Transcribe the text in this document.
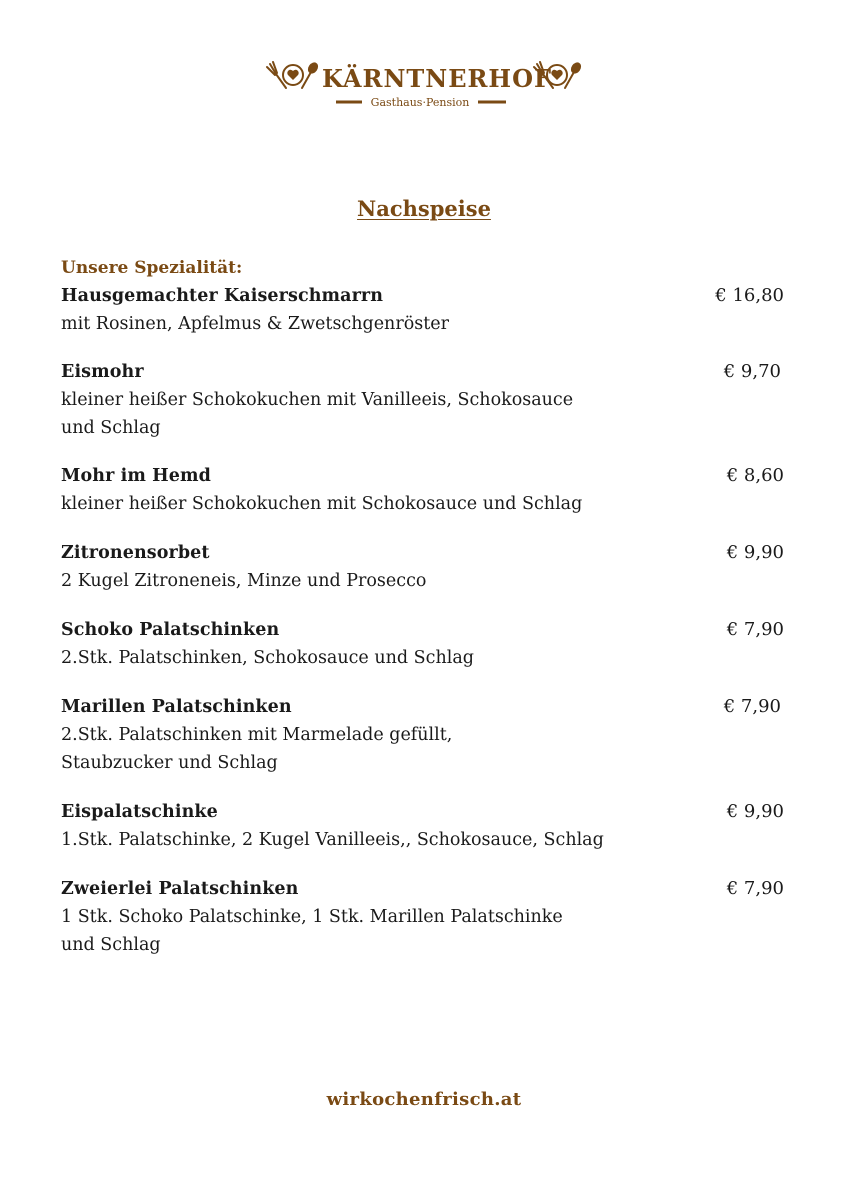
KÄRNTNERHOF
Gasthaus·Pension
Nachspeise
Unsere Spezialität:
Hausgemachter Kaiserschmarrn	€ 16,80
mit Rosinen, Apfelmus & Zwetschgenröster
Eismohr	€ 9,70
kleiner heißer Schokokuchen mit Vanilleeis, Schokosauce und Schlag
Mohr im Hemd	€ 8,60
kleiner heißer Schokokuchen mit Schokosauce und Schlag
Zitronensorbet	€ 9,90
2 Kugel Zitroneneis, Minze und Prosecco
Schoko Palatschinken	€ 7,90
2.Stk. Palatschinken, Schokosauce und Schlag
Marillen Palatschinken	€ 7,90
2.Stk. Palatschinken mit Marmelade gefüllt, Staubzucker und Schlag
Eispalatschinke	€ 9,90
1.Stk. Palatschinke, 2 Kugel Vanilleeis,, Schokosauce, Schlag
Zweierlei Palatschinken	€ 7,90
1 Stk. Schoko Palatschinke, 1 Stk. Marillen Palatschinke und Schlag
wirkochenfrisch.at
